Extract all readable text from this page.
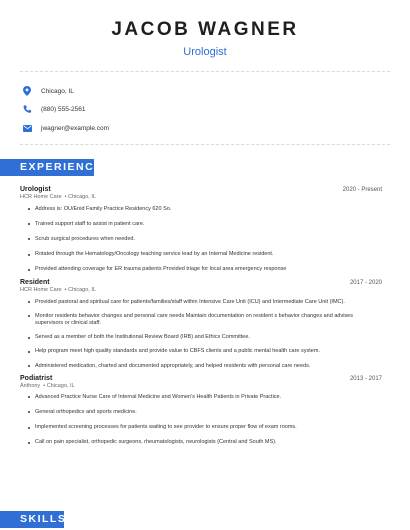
JACOB WAGNER
Urologist
Chicago, IL
(880) 555-2561
jwagner@example.com
EXPERIENCE
Urologist	2020 - Present
HCR Home Care  • Chicago, IL
Address is: OU/Enid Family Practice Residency 620 So.
Trained support staff to assist in patient care.
Scrub surgical procedures when needed.
Rotated through the Hematology/Oncology teaching service lead by an Internal Medicine resident.
Provided attending coverage for ER trauma patients Provided triage for local area emergency response
Resident	2017 - 2020
HCR Home Care  • Chicago, IL
Provided pastoral and spiritual care for patients/families/staff within Intensive Care Unit (ICU) and Intermediate Care Unit (IMC).
Monitor residents behavior changes and personal care needs Maintain documentation on resident s behavior changes and advises supervisors or clinical staff.
Served as a member of both the Institutional Review Board (IRB) and Ethics Committee.
Help program meet high quality standards and provide value to CBFS clients and a public mental health care system.
Administered medication, charted and documented appropriately, and helped residents with personal care needs.
Podiatrist	2013 - 2017
Anthony  • Chicago, IL
Advanced Practice Nurse Care of Internal Medicine and Women's Health Patients in Private Practice.
General orthopedics and sports medicine.
Implemented screening processes for patients waiting to see provider to ensure proper flow of exam rooms.
Call on pain specialist, orthopedic surgeons, rheumatologists, neurologists (Central and South MS).
SKILLS
